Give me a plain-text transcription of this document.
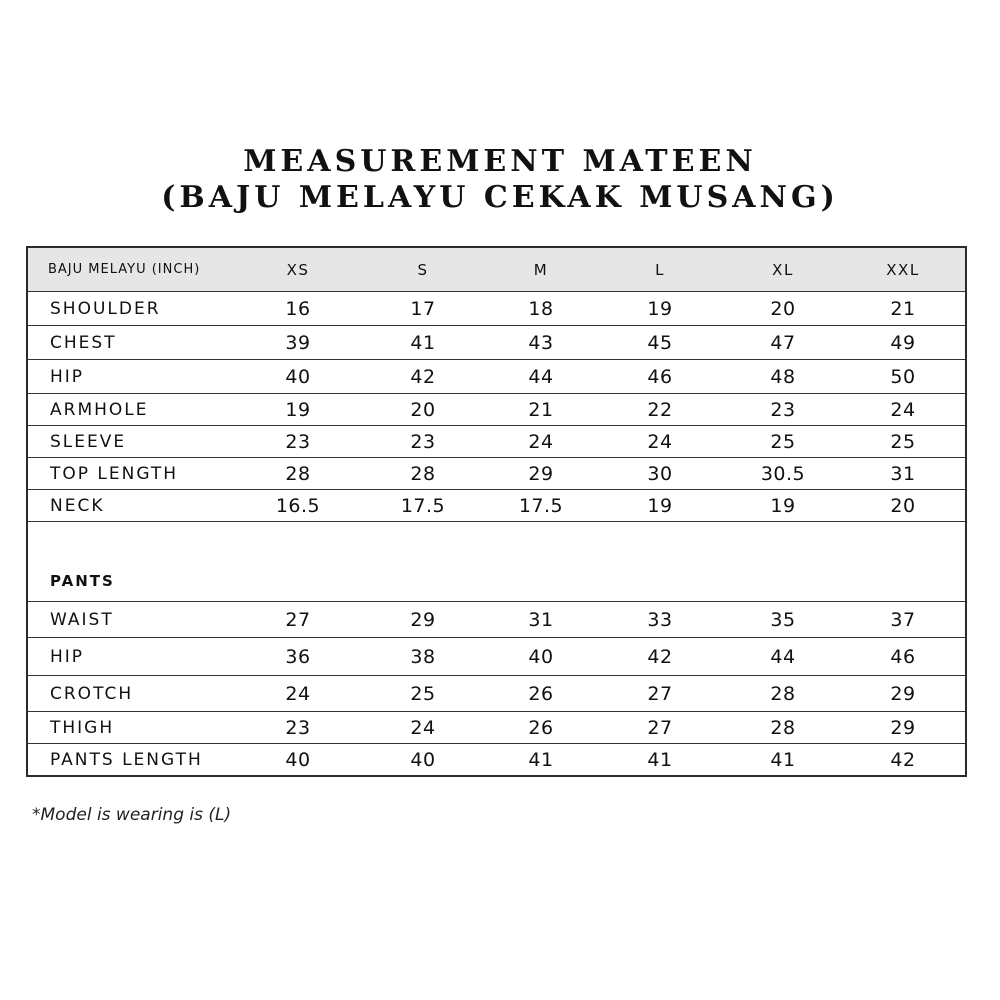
MEASUREMENT MATEEN
(BAJU MELAYU CEKAK MUSANG)
BAJU MELAYU (INCH)	XS	S	M	L	XL	XXL
SHOULDER	16	17	18	19	20	21
CHEST	39	41	43	45	47	49
HIP	40	42	44	46	48	50
ARMHOLE	19	20	21	22	23	24
SLEEVE	23	23	24	24	25	25
TOP LENGTH	28	28	29	30	30.5	31
NECK	16.5	17.5	17.5	19	19	20
PANTS
WAIST	27	29	31	33	35	37
HIP	36	38	40	42	44	46
CROTCH	24	25	26	27	28	29
THIGH	23	24	26	27	28	29
PANTS LENGTH	40	40	41	41	41	42
*Model is wearing is (L)
